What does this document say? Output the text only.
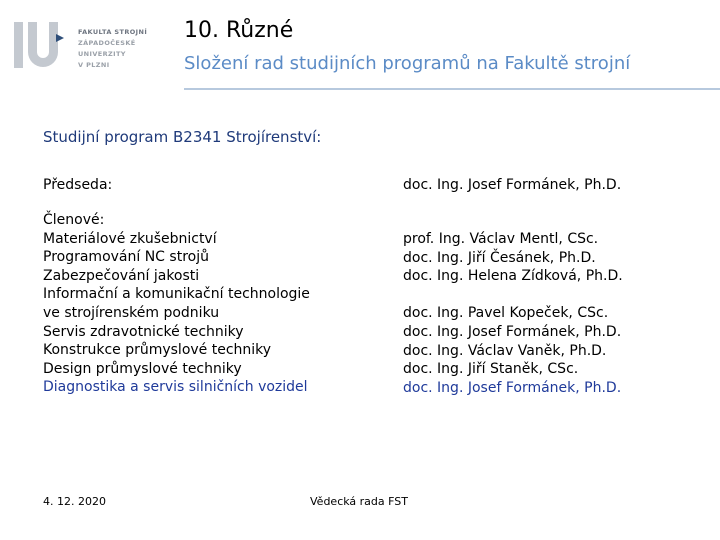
FAKULTA STROJNÍ
ZÁPADOČESKÉ
UNIVERZITY
V PLZNI
10. Různé
Složení rad studijních programů na Fakultě strojní
Studijní program B2341 Strojírenství:
Předseda:	doc. Ing. Josef Formánek, Ph.D.
Členové:
Materiálové zkušebnictví
Programování NC strojů
Zabezpečování jakosti
Informační a komunikační technologie
ve strojírenském podniku
Servis zdravotnické techniky
Konstrukce průmyslové techniky
Design průmyslové techniky
Diagnostika a servis silničních vozidel
prof. Ing. Václav Mentl, CSc.
doc. Ing. Jiří Česánek, Ph.D.
doc. Ing. Helena Zídková, Ph.D.
doc. Ing. Pavel Kopeček, CSc.
doc. Ing. Josef Formánek, Ph.D.
doc. Ing. Václav Vaněk, Ph.D.
doc. Ing. Jiří Staněk, CSc.
doc. Ing. Josef Formánek, Ph.D.
4. 12. 2020	Vědecká rada FST
